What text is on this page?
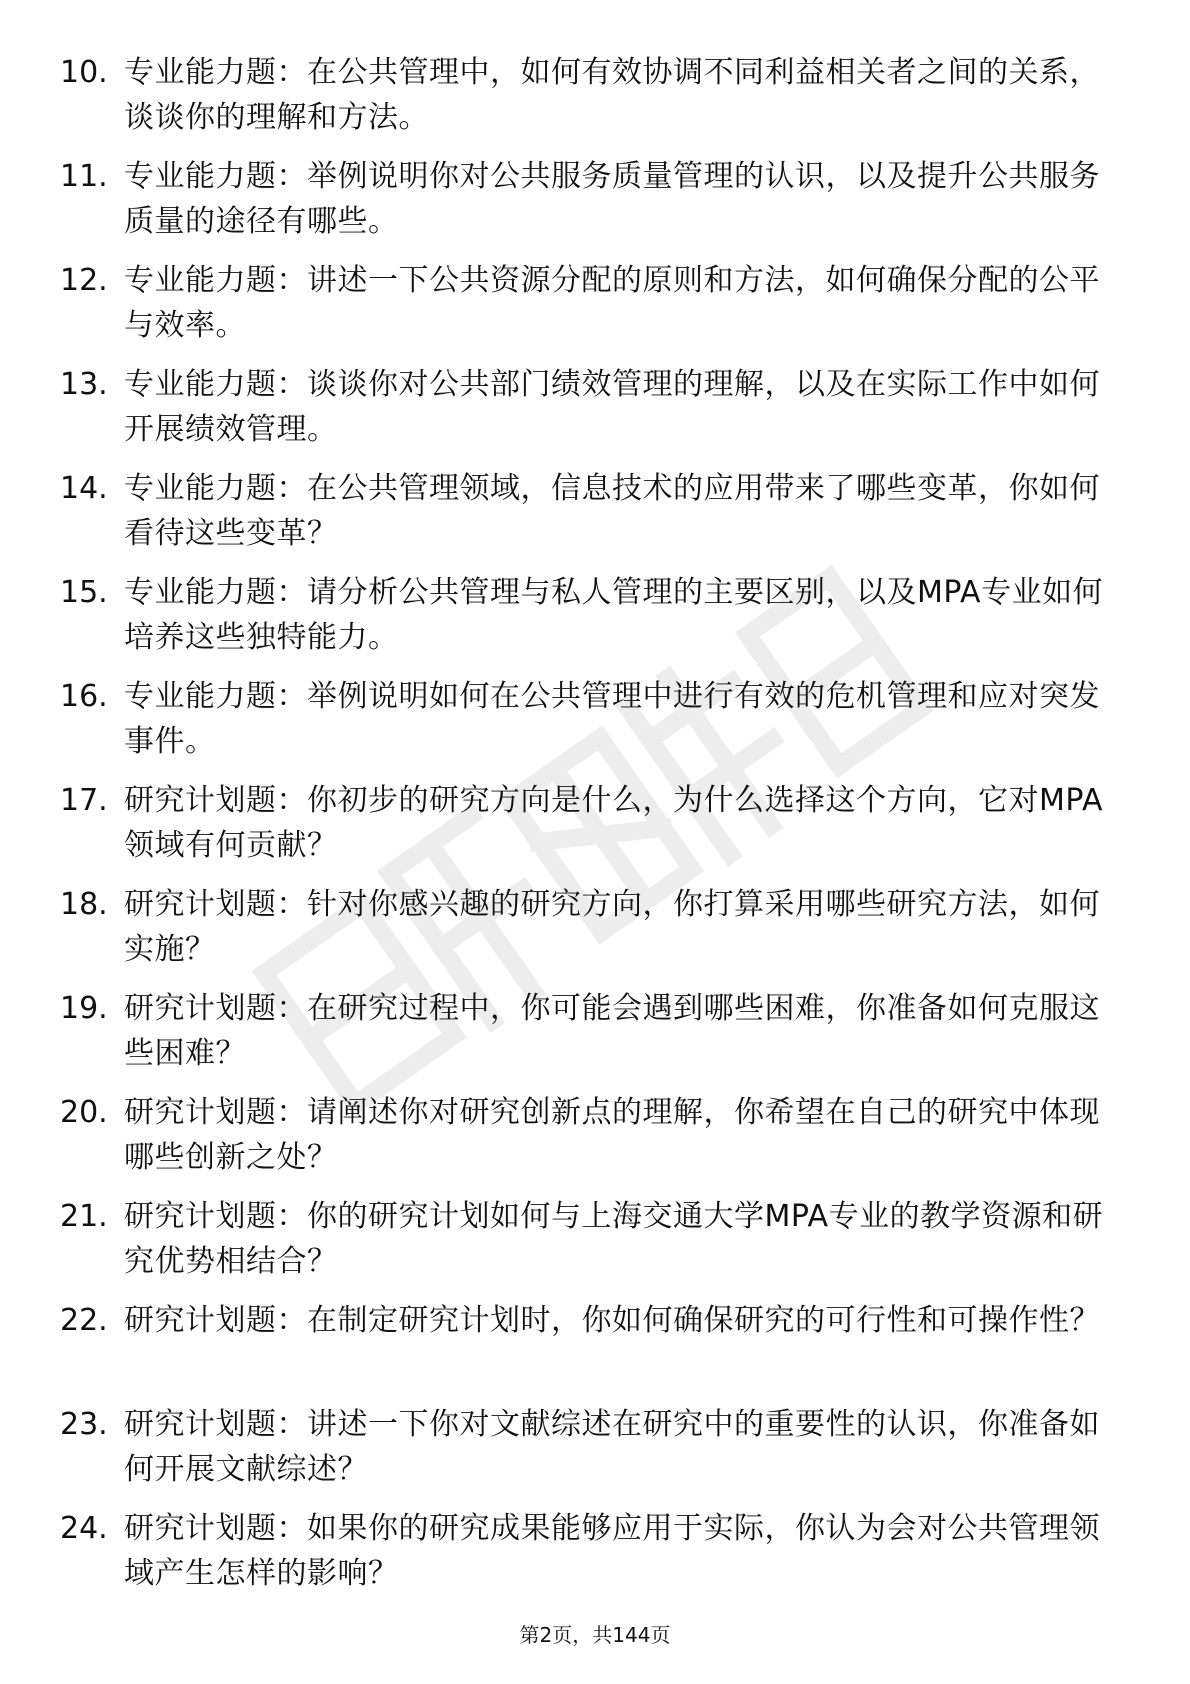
10. 专业能力题：在公共管理中，如何有效协调不同利益相关者之间的关系，谈谈你的理解和方法。
11. 专业能力题：举例说明你对公共服务质量管理的认识，以及提升公共服务质量的途径有哪些。
12. 专业能力题：讲述一下公共资源分配的原则和方法，如何确保分配的公平与效率。
13. 专业能力题：谈谈你对公共部门绩效管理的理解，以及在实际工作中如何开展绩效管理。
14. 专业能力题：在公共管理领域，信息技术的应用带来了哪些变革，你如何看待这些变革？
15. 专业能力题：请分析公共管理与私人管理的主要区别，以及MPA专业如何培养这些独特能力。
16. 专业能力题：举例说明如何在公共管理中进行有效的危机管理和应对突发事件。
17. 研究计划题：你初步的研究方向是什么，为什么选择这个方向，它对MPA领域有何贡献？
18. 研究计划题：针对你感兴趣的研究方向，你打算采用哪些研究方法，如何实施？
19. 研究计划题：在研究过程中，你可能会遇到哪些困难，你准备如何克服这些困难？
20. 研究计划题：请阐述你对研究创新点的理解，你希望在自己的研究中体现哪些创新之处？
21. 研究计划题：你的研究计划如何与上海交通大学MPA专业的教学资源和研究优势相结合？
22. 研究计划题：在制定研究计划时，你如何确保研究的可行性和可操作性？
23. 研究计划题：讲述一下你对文献综述在研究中的重要性的认识，你准备如何开展文献综述？
24. 研究计划题：如果你的研究成果能够应用于实际，你认为会对公共管理领域产生怎样的影响？
第2页，共144页
